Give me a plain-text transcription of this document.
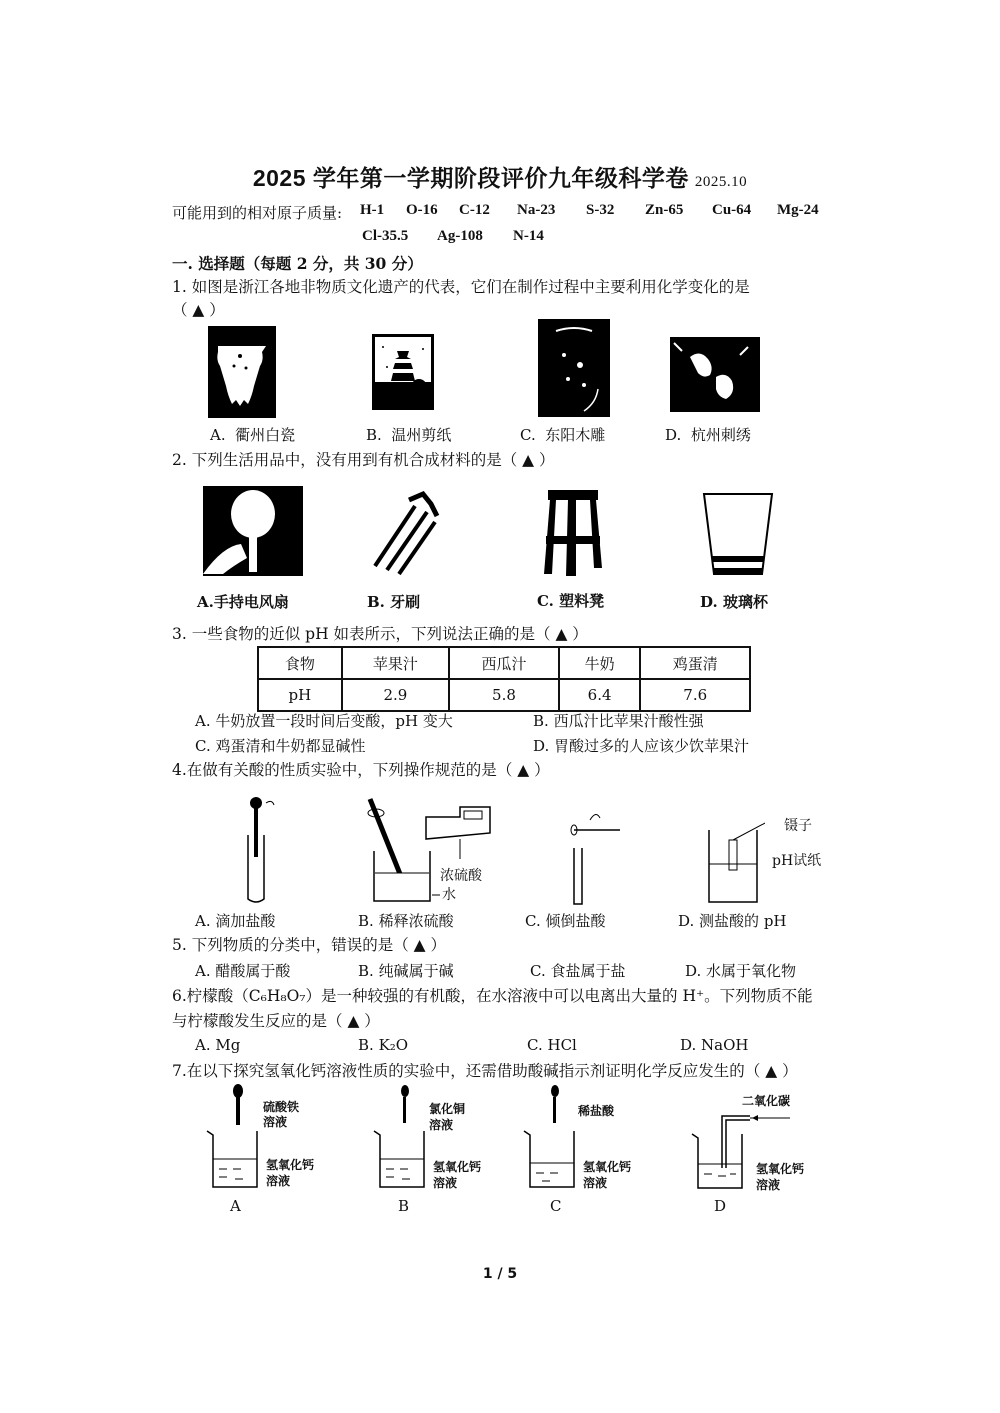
2025 学年第一学期阶段评价九年级科学卷 2025.10
可能用到的相对原子质量: H-1 O-16 C-12 Na-23 S-32 Zn-65 Cu-64 Mg-24
Cl-35.5 Ag-108 N-14
一. 选择题（每题 2 分，共 30 分）
1. 如图是浙江各地非物质文化遗产的代表，它们在制作过程中主要利用化学变化的是
（ ▲ ）
A. 衢州白瓷	B. 温州剪纸	C. 东阳木雕	D. 杭州刺绣
2. 下列生活用品中，没有用到有机合成材料的是（ ▲ ）
A.手持电风扇	B. 牙刷	C. 塑料凳	D. 玻璃杯
3. 一些食物的近似 pH 如表所示，下列说法正确的是（ ▲ ）
食物	苹果汁	西瓜汁	牛奶	鸡蛋清
pH	2.9	5.8	6.4	7.6
A. 牛奶放置一段时间后变酸，pH 变大	B. 西瓜汁比苹果汁酸性强
C. 鸡蛋清和牛奶都显碱性	D. 胃酸过多的人应该少饮苹果汁
4.在做有关酸的性质实验中，下列操作规范的是（ ▲ ）
浓硫酸
水
镊子
pH试纸
A. 滴加盐酸	B. 稀释浓硫酸	C. 倾倒盐酸	D. 测盐酸的 pH
5. 下列物质的分类中，错误的是（ ▲ ）
A. 醋酸属于酸	B. 纯碱属于碱	C. 食盐属于盐	D. 水属于氧化物
6.柠檬酸（C₆H₈O₇）是一种较强的有机酸，在水溶液中可以电离出大量的 H⁺。下列物质不能
与柠檬酸发生反应的是（ ▲ ）
A. Mg	B. K₂O	C. HCl	D. NaOH
7.在以下探究氢氧化钙溶液性质的实验中，还需借助酸碱指示剂证明化学反应发生的（ ▲ ）
硫酸铁
溶液
氢氧化钙
溶液
A
氯化铜
溶液
氢氧化钙
溶液
B
稀盐酸
氢氧化钙
溶液
C
二氧化碳
氢氧化钙
溶液
D
1 / 5
